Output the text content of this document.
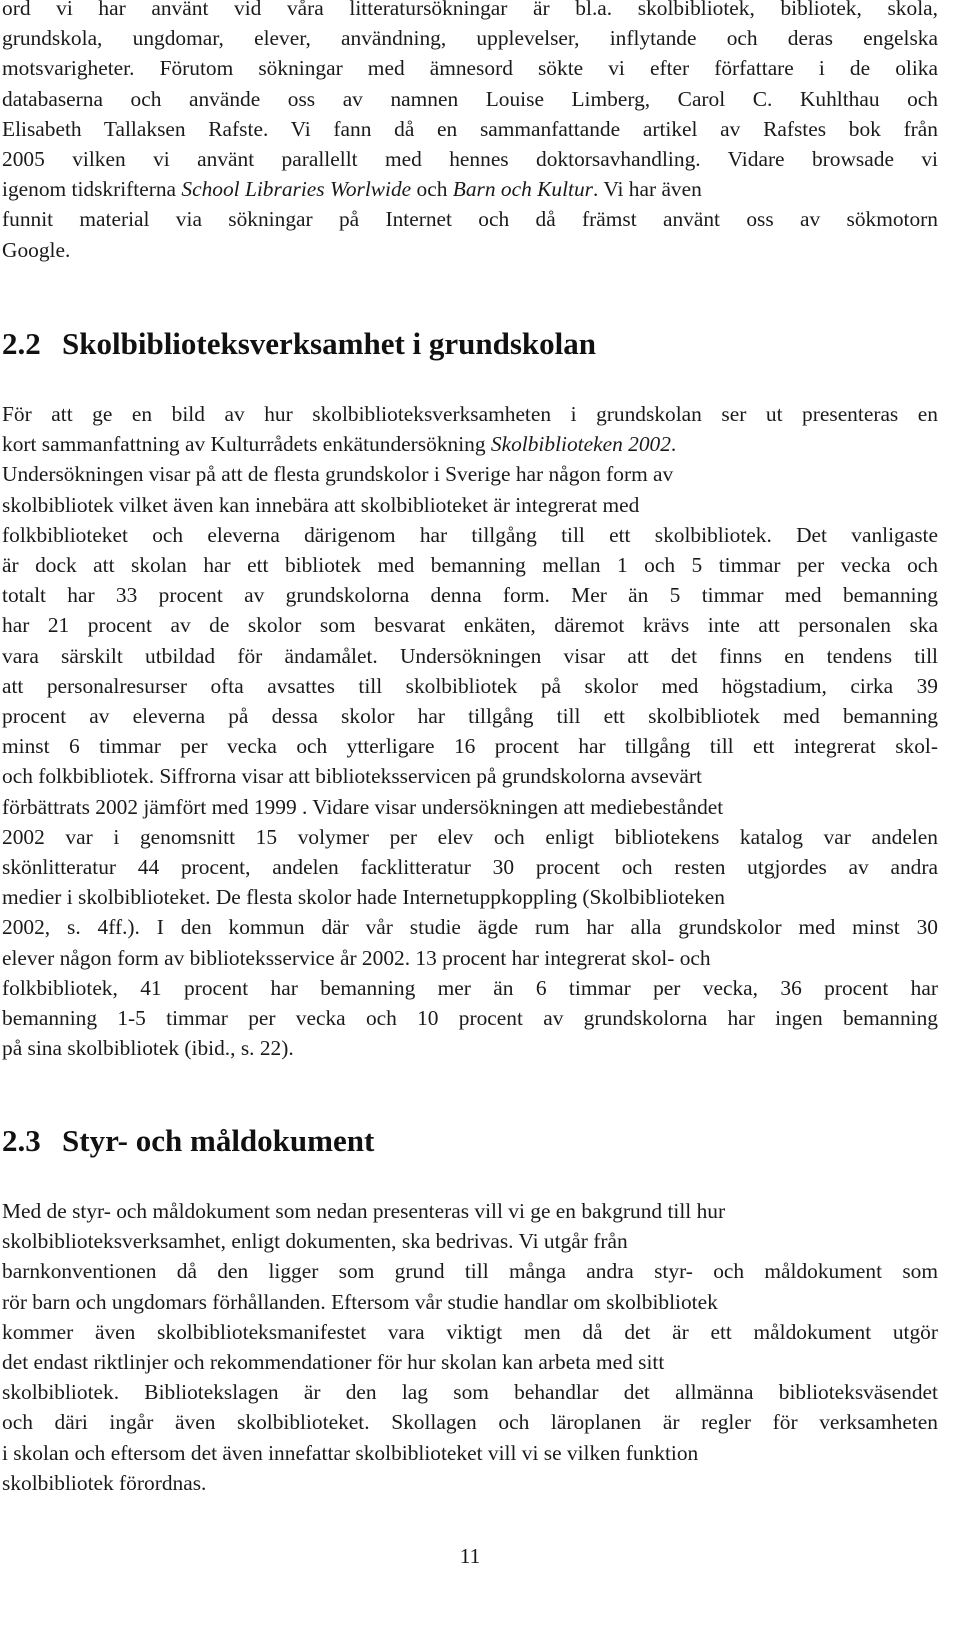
ord vi har använt vid våra litteratursökningar är bl.a. skolbibliotek, bibliotek, skola,
grundskola, ungdomar, elever, användning, upplevelser, inflytande och deras engelska
motsvarigheter. Förutom sökningar med ämnesord sökte vi efter författare i de olika
databaserna och använde oss av namnen Louise Limberg, Carol C. Kuhlthau och
Elisabeth Tallaksen Rafste. Vi fann då en sammanfattande artikel av Rafstes bok från
2005 vilken vi använt parallellt med hennes doktorsavhandling. Vidare browsade vi
igenom tidskrifterna School Libraries Worlwide och Barn och Kultur. Vi har även
funnit material via sökningar på Internet och då främst använt oss av sökmotorn
Google.
2.2 Skolbiblioteksverksamhet i grundskolan
För att ge en bild av hur skolbiblioteksverksamheten i grundskolan ser ut presenteras en
kort sammanfattning av Kulturrådets enkätundersökning Skolbiblioteken 2002.
Undersökningen visar på att de flesta grundskolor i Sverige har någon form av
skolbibliotek vilket även kan innebära att skolbiblioteket är integrerat med
folkbiblioteket och eleverna därigenom har tillgång till ett skolbibliotek. Det vanligaste
är dock att skolan har ett bibliotek med bemanning mellan 1 och 5 timmar per vecka och
totalt har 33 procent av grundskolorna denna form. Mer än 5 timmar med bemanning
har 21 procent av de skolor som besvarat enkäten, däremot krävs inte att personalen ska
vara särskilt utbildad för ändamålet. Undersökningen visar att det finns en tendens till
att personalresurser ofta avsattes till skolbibliotek på skolor med högstadium, cirka 39
procent av eleverna på dessa skolor har tillgång till ett skolbibliotek med bemanning
minst 6 timmar per vecka och ytterligare 16 procent har tillgång till ett integrerat skol-
och folkbibliotek. Siffrorna visar att biblioteksservicen på grundskolorna avsevärt
förbättrats 2002 jämfört med 1999 . Vidare visar undersökningen att mediebeståndet
2002 var i genomsnitt 15 volymer per elev och enligt bibliotekens katalog var andelen
skönlitteratur 44 procent, andelen facklitteratur 30 procent och resten utgjordes av andra
medier i skolbiblioteket. De flesta skolor hade Internetuppkoppling (Skolbiblioteken
2002, s. 4ff.). I den kommun där vår studie ägde rum har alla grundskolor med minst 30
elever någon form av biblioteksservice år 2002. 13 procent har integrerat skol- och
folkbibliotek, 41 procent har bemanning mer än 6 timmar per vecka, 36 procent har
bemanning 1-5 timmar per vecka och 10 procent av grundskolorna har ingen bemanning
på sina skolbibliotek (ibid., s. 22).
2.3 Styr- och måldokument
Med de styr- och måldokument som nedan presenteras vill vi ge en bakgrund till hur
skolbiblioteksverksamhet, enligt dokumenten, ska bedrivas. Vi utgår från
barnkonventionen då den ligger som grund till många andra styr- och måldokument som
rör barn och ungdomars förhållanden. Eftersom vår studie handlar om skolbibliotek
kommer även skolbiblioteksmanifestet vara viktigt men då det är ett måldokument utgör
det endast riktlinjer och rekommendationer för hur skolan kan arbeta med sitt
skolbibliotek. Bibliotekslagen är den lag som behandlar det allmänna biblioteksväsendet
och däri ingår även skolbiblioteket. Skollagen och läroplanen är regler för verksamheten
i skolan och eftersom det även innefattar skolbiblioteket vill vi se vilken funktion
skolbibliotek förordnas.
11
